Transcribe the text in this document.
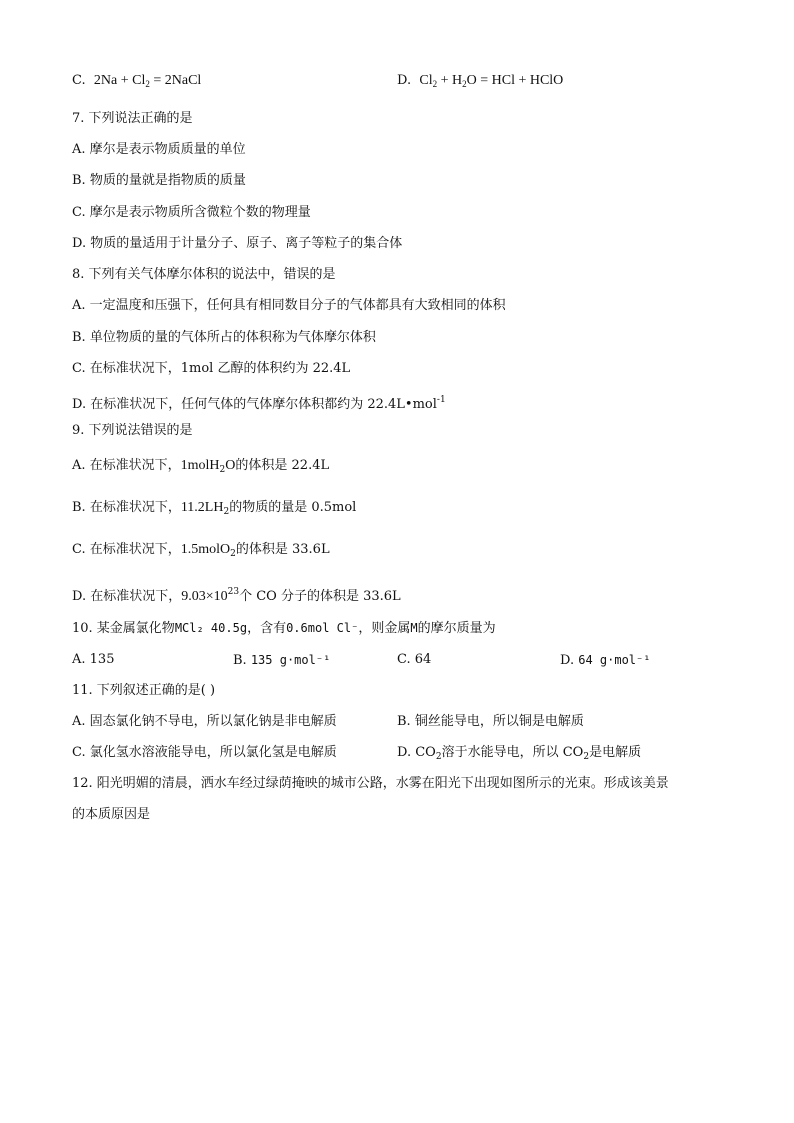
C. $2Na + Cl_2$ = 2NaCl	D. $Cl_2 + H_2O$ = HCl + HClO
7. 下列说法正确的是
A. 摩尔是表示物质质量的单位
B. 物质的量就是指物质的质量
C. 摩尔是表示物质所含微粒个数的物理量
D. 物质的量适用于计量分子、原子、离子等粒子的集合体
8. 下列有关气体摩尔体积的说法中，错误的是
A. 一定温度和压强下，任何具有相同数目分子的气体都具有大致相同的体积
B. 单位物质的量的气体所占的体积称为气体摩尔体积
C. 在标准状况下，1mol 乙醇的体积约为 22.4L
D. 在标准状况下，任何气体的气体摩尔体积都约为 22.4L•mol$^{-1}$
9. 下列说法错误的是
A. 在标准状况下，1molH$_2$O的体积是 22.4L
B. 在标准状况下，$11.2LH_2$的物质的量是 0.5mol
C. 在标准状况下，1.5molO$_2$的体积是 33.6L
D. 在标准状况下，$9.03\times 10^{23}$个 CO 分子的体积是 33.6L
10. 某金属氯化物MCl₂ 40.5g，含有0.6mol Cl⁻，则金属M的摩尔质量为
A. 135	B. 135 g·mol⁻¹	C. 64	D. 64 g·mol⁻¹
11. 下列叙述正确的是( )
A. 固态氯化钠不导电，所以氯化钠是非电解质	B. 铜丝能导电，所以铜是电解质
C. 氯化氢水溶液能导电，所以氯化氢是电解质	D. $CO_2$溶于水能导电，所以 $CO_2$是电解质
12. 阳光明媚的清晨，洒水车经过绿荫掩映的城市公路，水雾在阳光下出现如图所示的光束。形成该美景
的本质原因是
